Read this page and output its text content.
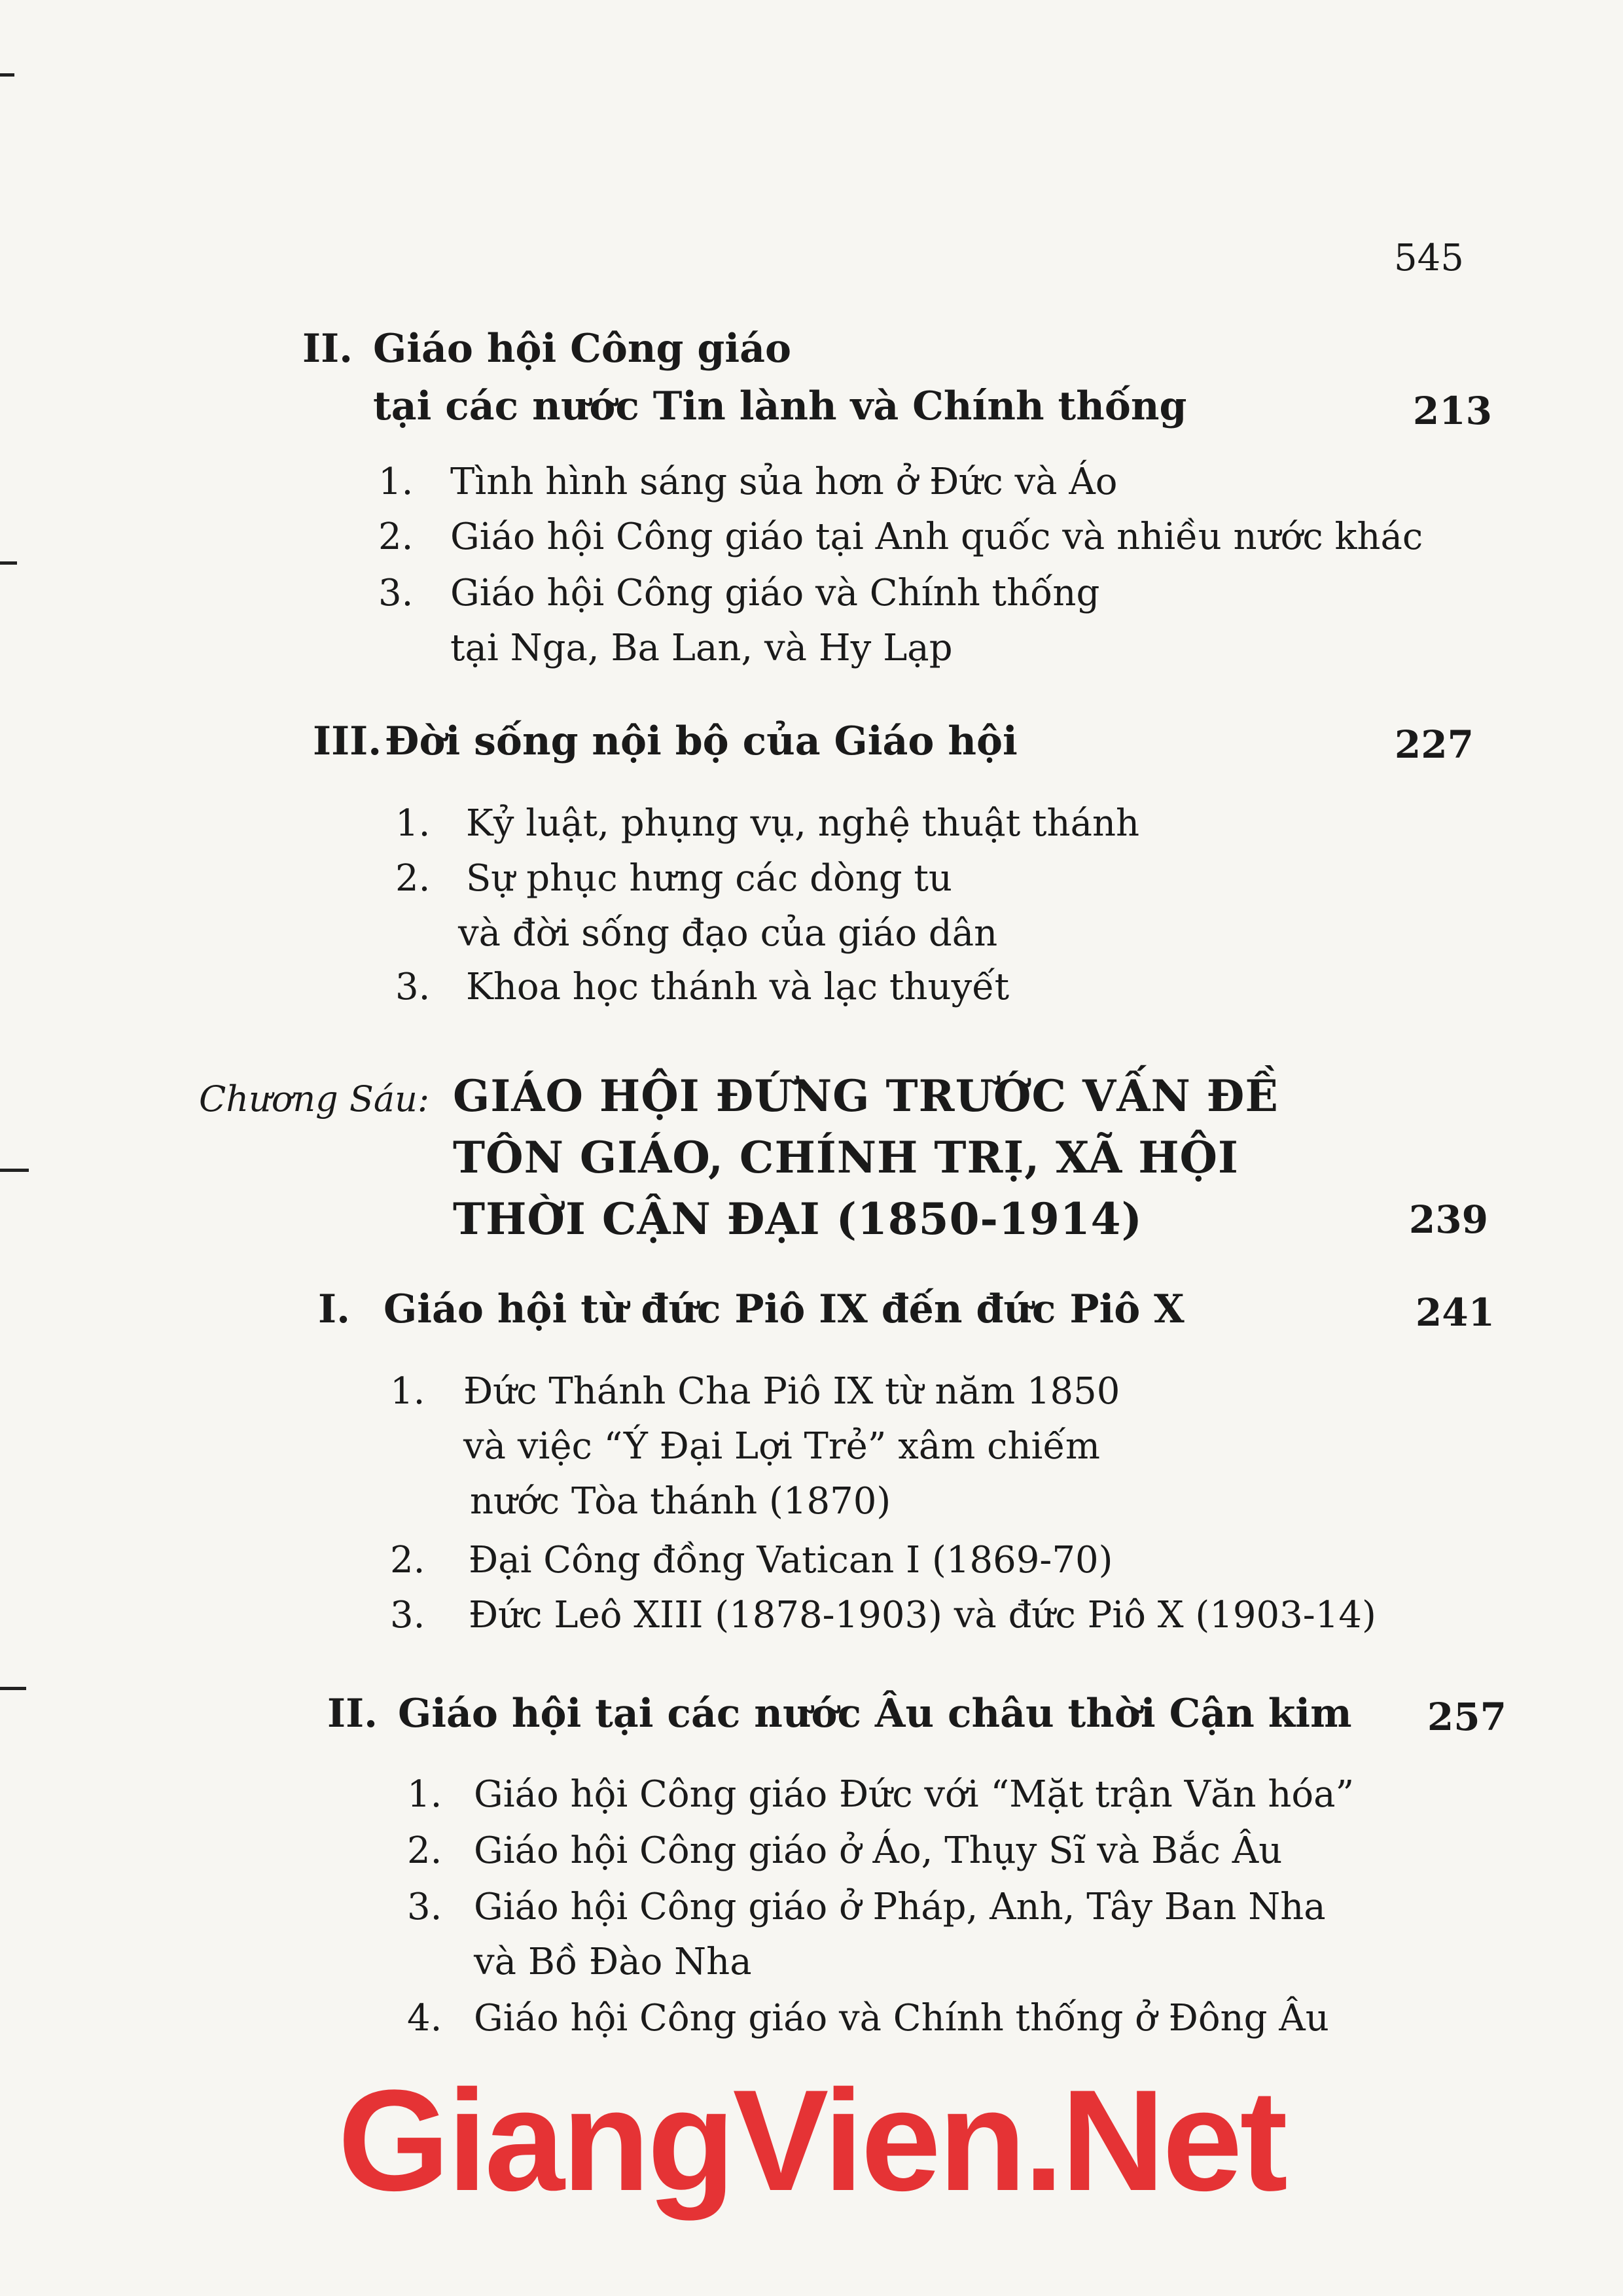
545
II. Giáo hội Công giáo
tại các nước Tin lành và Chính thống	213
1. Tình hình sáng sủa hơn ở Đức và Áo
2. Giáo hội Công giáo tại Anh quốc và nhiều nước khác
3. Giáo hội Công giáo và Chính thống
tại Nga, Ba Lan, và Hy Lạp
III. Đời sống nội bộ của Giáo hội	227
1. Kỷ luật, phụng vụ, nghệ thuật thánh
2. Sự phục hưng các dòng tu
và đời sống đạo của giáo dân
3. Khoa học thánh và lạc thuyết
Chương Sáu: GIÁO HỘI ĐỨNG TRƯỚC VẤN ĐỀ
TÔN GIÁO, CHÍNH TRỊ, XÃ HỘI
THỜI CẬN ĐẠI (1850-1914)	239
I. Giáo hội từ đức Piô IX đến đức Piô X	241
1. Đức Thánh Cha Piô IX từ năm 1850
và việc “Ý Đại Lợi Trẻ” xâm chiếm
nước Tòa thánh (1870)
2. Đại Công đồng Vatican I (1869-70)
3. Đức Leô XIII (1878-1903) và đức Piô X (1903-14)
II. Giáo hội tại các nước Âu châu thời Cận kim 257
1. Giáo hội Công giáo Đức với “Mặt trận Văn hóa”
2. Giáo hội Công giáo ở Áo, Thụy Sĩ và Bắc Âu
3. Giáo hội Công giáo ở Pháp, Anh, Tây Ban Nha
và Bồ Đào Nha
4. Giáo hội Công giáo và Chính thống ở Đông Âu
GiangVien.Net
